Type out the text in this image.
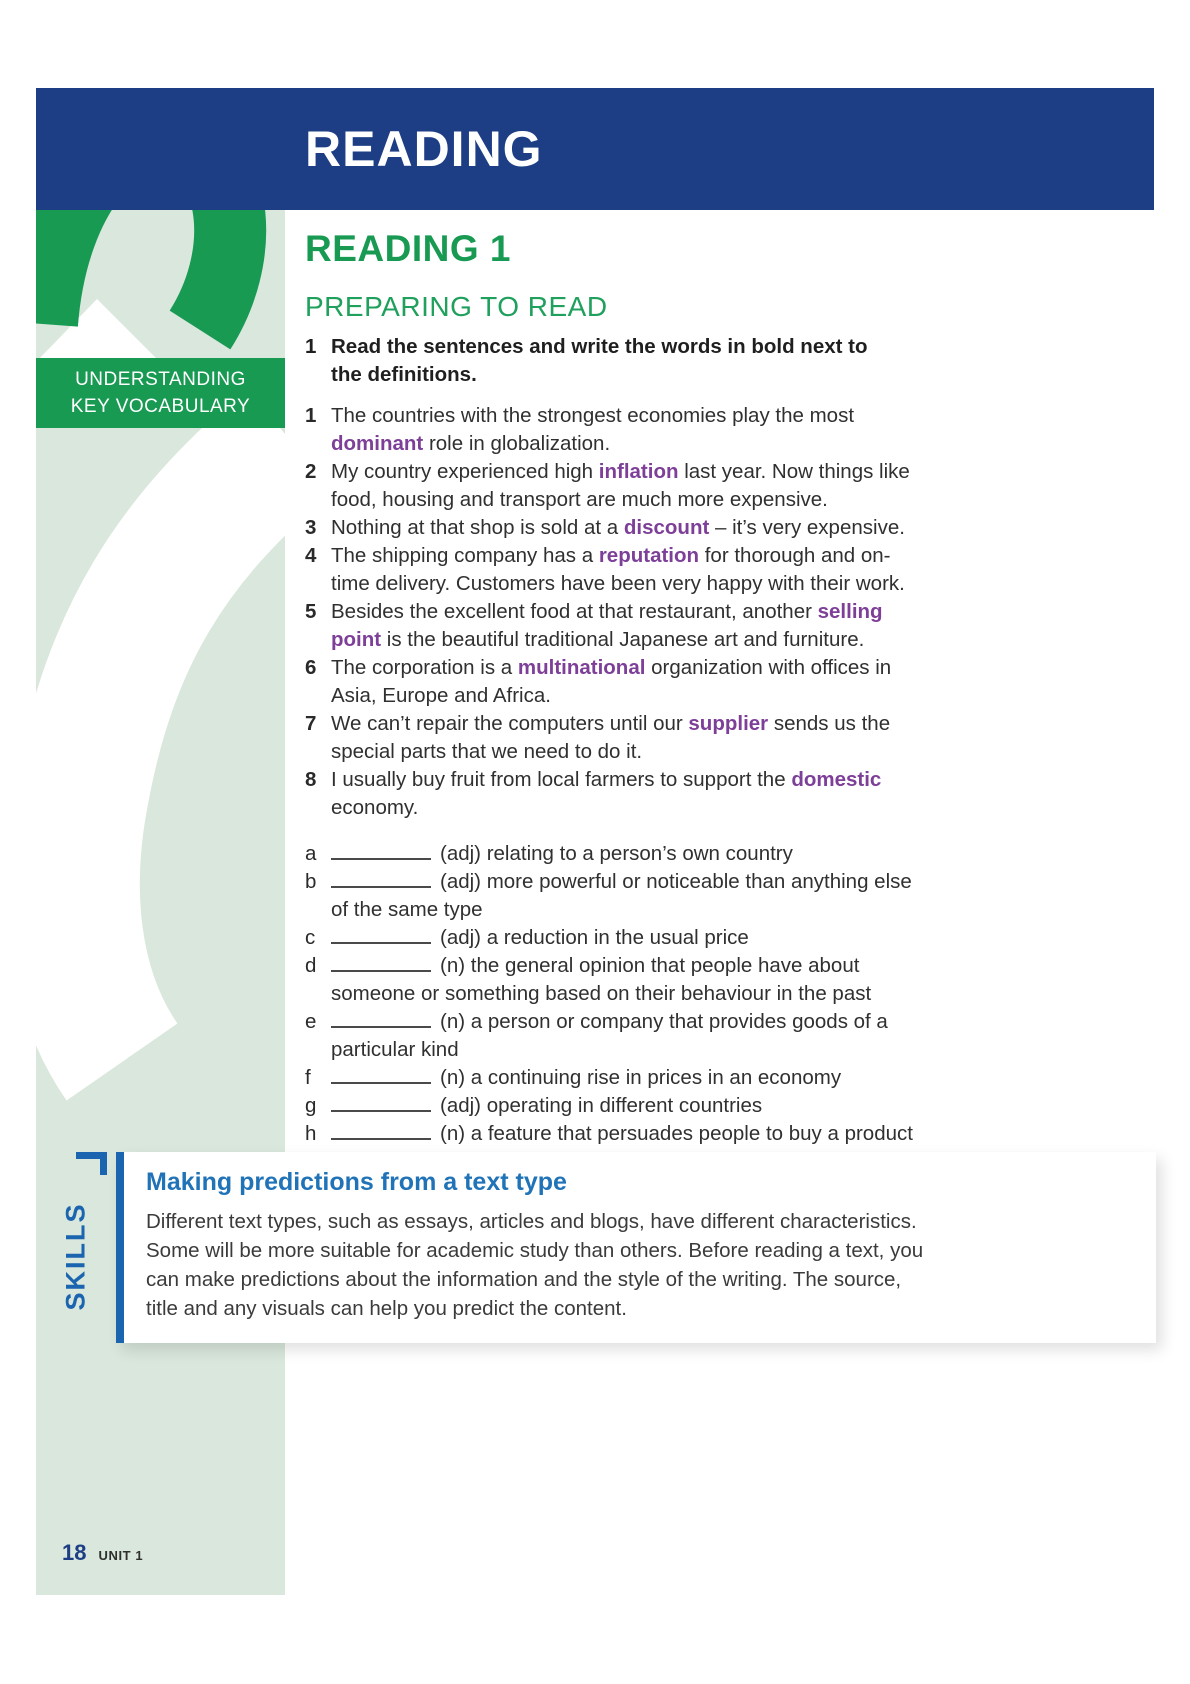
READING
UNDERSTANDING
KEY VOCABULARY
READING 1
PREPARING TO READ
1 Read the sentences and write the words in bold next to
the definitions.

1 The countries with the strongest economies play the most
dominant role in globalization.
2 My country experienced high inflation last year. Now things like
food, housing and transport are much more expensive.
3 Nothing at that shop is sold at a discount – it’s very expensive.
4 The shipping company has a reputation for thorough and on-
time delivery. Customers have been very happy with their work.
5 Besides the excellent food at that restaurant, another selling
point is the beautiful traditional Japanese art and furniture.
6 The corporation is a multinational organization with offices in
Asia, Europe and Africa.
7 We can’t repair the computers until our supplier sends us the
special parts that we need to do it.
8 I usually buy fruit from local farmers to support the domestic
economy.
a	(adj) relating to a person’s own country
b	(adj) more powerful or noticeable than anything else
of the same type
c	(adj) a reduction in the usual price
d	(n) the general opinion that people have about
someone or something based on their behaviour in the past
e	(n) a person or company that provides goods of a
particular kind
f	(n) a continuing rise in prices in an economy
g	(adj) operating in different countries
h	(n) a feature that persuades people to buy a product
SKILLS
Making predictions from a text type

Different text types, such as essays, articles and blogs, have different characteristics.
Some will be more suitable for academic study than others. Before reading a text, you
can make predictions about the information and the style of the writing. The source,
title and any visuals can help you predict the content.

18 UNIT 1
